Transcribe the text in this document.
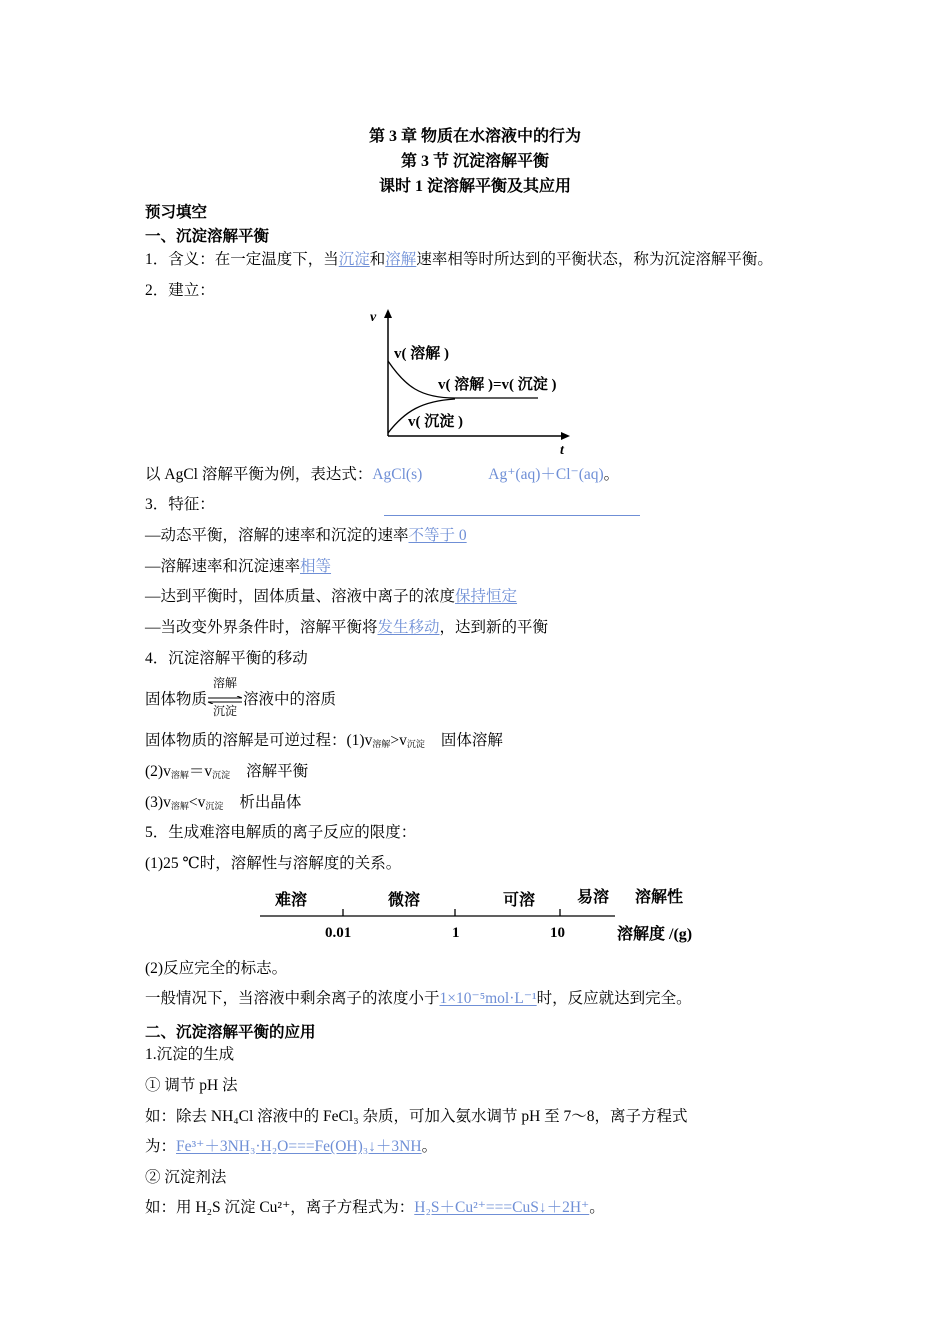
第 3 章 物质在水溶液中的行为
第 3 节 沉淀溶解平衡
课时 1 淀溶解平衡及其应用
预习填空
一、沉淀溶解平衡
1．含义：在一定温度下，当沉淀和溶解速率相等时所达到的平衡状态，称为沉淀溶解平衡。
2．建立：
v
t
v( 溶解 )
v( 溶解 )=v( 沉淀 )
v( 沉淀 )
以 AgCl 溶解平衡为例，表达式：AgCl(s)	Ag⁺(aq)＋Cl⁻(aq)。
3．特征：
—动态平衡，溶解的速率和沉淀的速率不等于 0
—溶解速率和沉淀速率相等
—达到平衡时，固体质量、溶液中离子的浓度保持恒定
—当改变外界条件时，溶解平衡将发生移动，达到新的平衡
4．沉淀溶解平衡的移动
固体物质
溶解
沉淀
溶液中的溶质
固体物质的溶解是可逆过程：$(1)v_{溶解}>v_{沉淀}$ 固体溶解
$(2)v_{溶解}=v_{沉淀}$ 溶解平衡
$(3)v_{溶解}<v_{沉淀}$ 析出晶体
5．生成难溶电解质的离子反应的限度：
(1)25 ℃时，溶解性与溶解度的关系。
难溶	微溶	可溶	易溶 溶解性
0.01	1	10	溶解度 /(g)
(2)反应完全的标志。
一般情况下，当溶液中剩余离子的浓度小于1×10⁻⁵mol·L⁻¹时，反应就达到完全。
二、沉淀溶解平衡的应用
1.沉淀的生成
① 调节 pH 法
如：除去 NH₄Cl 溶液中的 FeCl₃ 杂质，可加入氨水调节 pH 至 7～8，离子方程式
为：Fe³⁺＋3NH₃·H₂O===Fe(OH)₃↓＋3NH。
② 沉淀剂法
如：用 H₂S 沉淀 Cu²⁺，离子方程式为：H₂S＋Cu²⁺===CuS↓＋2H⁺。
